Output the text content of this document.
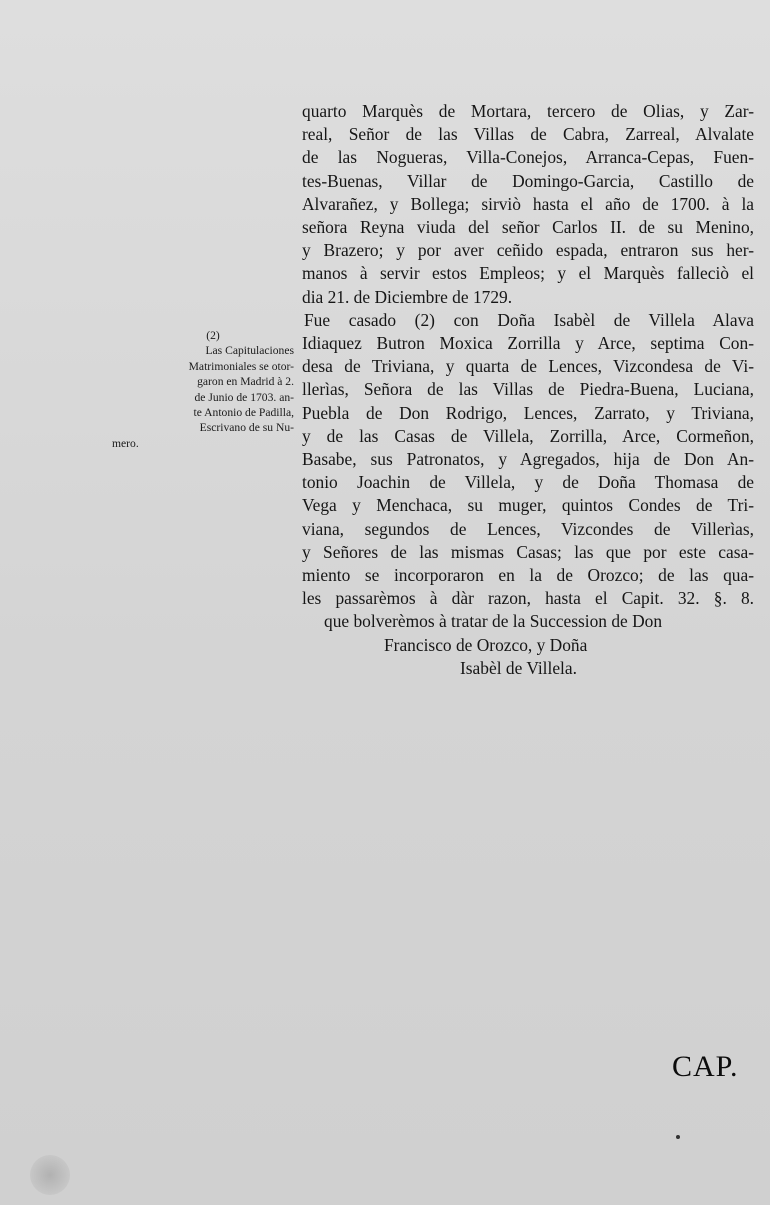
(2)
Las Capitulaciones
Matrimoniales se otor-
garon en Madrid à 2.
de Junio de 1703. an-
te Antonio de Padilla,
Escrivano de su Nu-
mero.

quarto Marquès de Mortara, tercero de Olias, y Zar-
real, Señor de las Villas de Cabra, Zarreal, Alvalate
de las Nogueras, Villa-Conejos, Arranca-Cepas, Fuen-
tes-Buenas, Villar de Domingo-Garcia, Castillo de
Alvarañez, y Bollega; sirviò hasta el año de 1700. à la
señora Reyna viuda del señor Carlos II. de su Menino,
y Brazero; y por aver ceñido espada, entraron sus her-
manos à servir estos Empleos; y el Marquès falleciò el
dia 21. de Diciembre de 1729.

Fue casado (2) con Doña Isabèl de Villela Alava
Idiaquez Butron Moxica Zorrilla y Arce, septima Con-
desa de Triviana, y quarta de Lences, Vizcondesa de Vi-
llerìas, Señora de las Villas de Piedra-Buena, Luciana,
Puebla de Don Rodrigo, Lences, Zarrato, y Triviana,
y de las Casas de Villela, Zorrilla, Arce, Cormeñon,
Basabe, sus Patronatos, y Agregados, hija de Don An-
tonio Joachin de Villela, y de Doña Thomasa de
Vega y Menchaca, su muger, quintos Condes de Tri-
viana, segundos de Lences, Vizcondes de Villerìas,
y Señores de las mismas Casas; las que por este casa-
miento se incorporaron en la de Orozco; de las qua-
les passarèmos à dàr razon, hasta el Capit. 32. §. 8.
que bolverèmos à tratar de la Succession de Don

Francisco de Orozco, y Doña
Isabèl de Villela.
CAP.
